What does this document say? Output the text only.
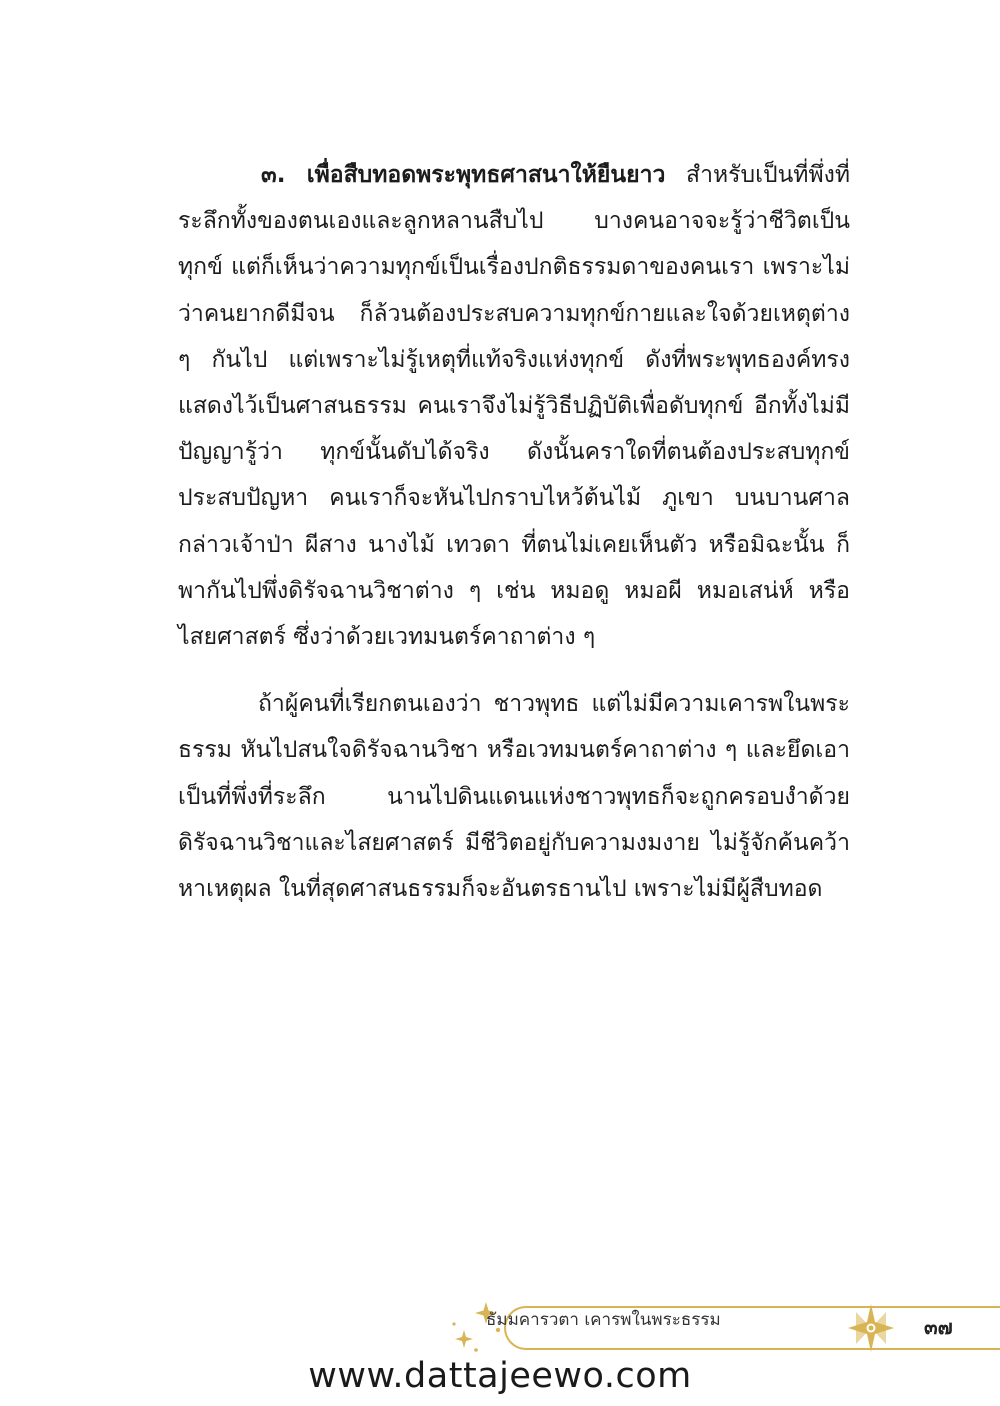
๓. เพื่อสืบทอดพระพุทธศาสนาให้ยืนยาว สำหรับเป็นที่พึ่งที่ระลึกทั้งของตนเองและลูกหลานสืบไป บางคนอาจจะรู้ว่าชีวิตเป็นทุกข์ แต่ก็เห็นว่าความทุกข์เป็นเรื่องปกติธรรมดาของคนเรา เพราะไม่ว่าคนยากดีมีจน ก็ล้วนต้องประสบความทุกข์กายและใจด้วยเหตุต่าง ๆ กันไป แต่เพราะไม่รู้เหตุที่แท้จริงแห่งทุกข์ ดังที่พระพุทธองค์ทรงแสดงไว้เป็นศาสนธรรม คนเราจึงไม่รู้วิธีปฏิบัติเพื่อดับทุกข์ อีกทั้งไม่มีปัญญารู้ว่า ทุกข์นั้นดับได้จริง ดังนั้นคราใดที่ตนต้องประสบทุกข์ประสบปัญหา คนเราก็จะหันไปกราบไหว้ต้นไม้ ภูเขา บนบานศาลกล่าวเจ้าป่า ผีสาง นางไม้ เทวดา ที่ตนไม่เคยเห็นตัว หรือมิฉะนั้น ก็พากันไปพึ่งดิรัจฉานวิชาต่าง ๆ เช่น หมอดู หมอผี หมอเสน่ห์ หรือไสยศาสตร์ ซึ่งว่าด้วยเวทมนตร์คาถาต่าง ๆ

ถ้าผู้คนที่เรียกตนเองว่า ชาวพุทธ แต่ไม่มีความเคารพในพระธรรม หันไปสนใจดิรัจฉานวิชา หรือเวทมนตร์คาถาต่าง ๆ และยึดเอาเป็นที่พึ่งที่ระลึก นานไปดินแดนแห่งชาวพุทธก็จะถูกครอบงำด้วยดิรัจฉานวิชาและไสยศาสตร์ มีชีวิตอยู่กับความงมงาย ไม่รู้จักค้นคว้าหาเหตุผล ในที่สุดศาสนธรรมก็จะอันตรธานไป เพราะไม่มีผู้สืบทอด

ธัมมคารวตา เคารพในพระธรรม	๓๗
www.dattajeewo.com
